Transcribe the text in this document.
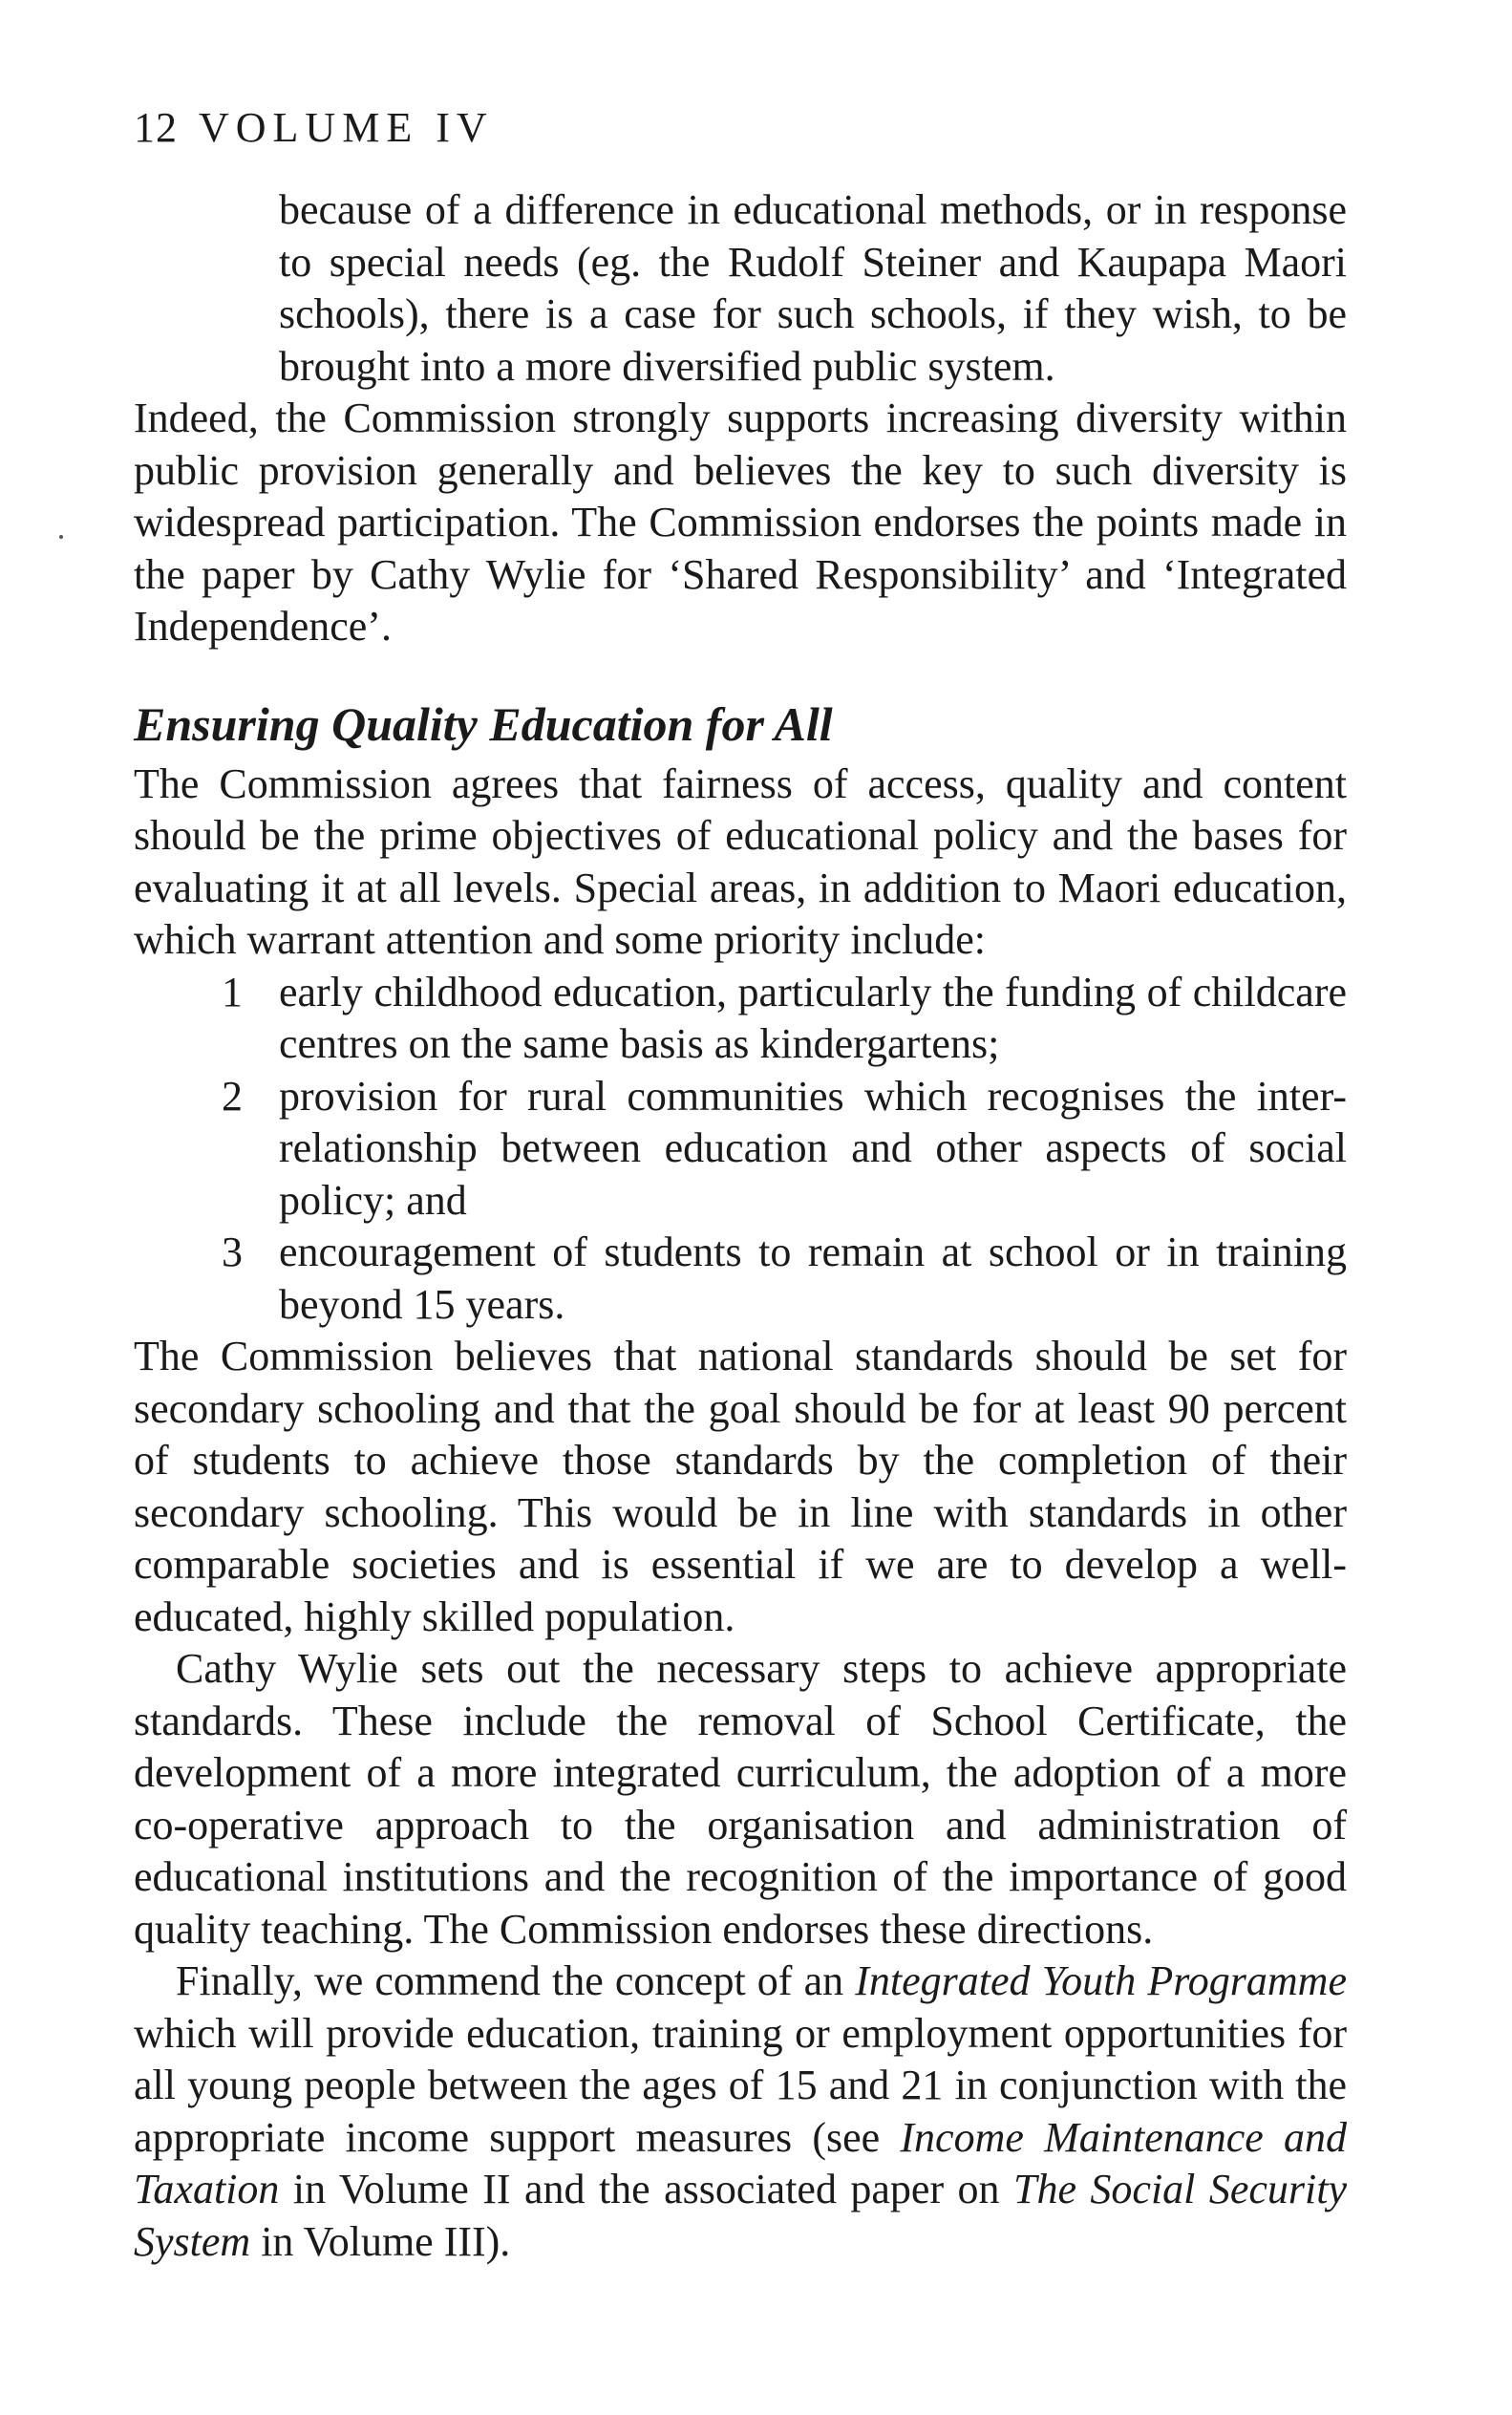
12 VOLUME IV

because of a difference in educational methods, or in response to special needs (eg. the Rudolf Steiner and Kaupapa Maori schools), there is a case for such schools, if they wish, to be brought into a more diversified public system.

Indeed, the Commission strongly supports increasing diversity within public provision generally and believes the key to such diversity is widespread participation. The Commission endorses the points made in the paper by Cathy Wylie for ‘Shared Responsibility’ and ‘Integrated Independence’.

Ensuring Quality Education for All

The Commission agrees that fairness of access, quality and content should be the prime objectives of educational policy and the bases for evaluating it at all levels. Special areas, in addition to Maori education, which warrant attention and some priority include:

1 early childhood education, particularly the funding of childcare centres on the same basis as kindergartens;
2 provision for rural communities which recognises the inter-relationship between education and other aspects of social policy; and
3 encouragement of students to remain at school or in training beyond 15 years.

The Commission believes that national standards should be set for secondary schooling and that the goal should be for at least 90 percent of students to achieve those standards by the completion of their secondary schooling. This would be in line with standards in other comparable societies and is essential if we are to develop a well-educated, highly skilled population.

Cathy Wylie sets out the necessary steps to achieve appropriate standards. These include the removal of School Certificate, the development of a more integrated curriculum, the adoption of a more co-operative approach to the organisation and administration of educational institutions and the recognition of the importance of good quality teaching. The Commission endorses these directions.

Finally, we commend the concept of an Integrated Youth Programme which will provide education, training or employment opportunities for all young people between the ages of 15 and 21 in conjunction with the appropriate income support measures (see Income Maintenance and Taxation in Volume II and the associated paper on The Social Security System in Volume III).
